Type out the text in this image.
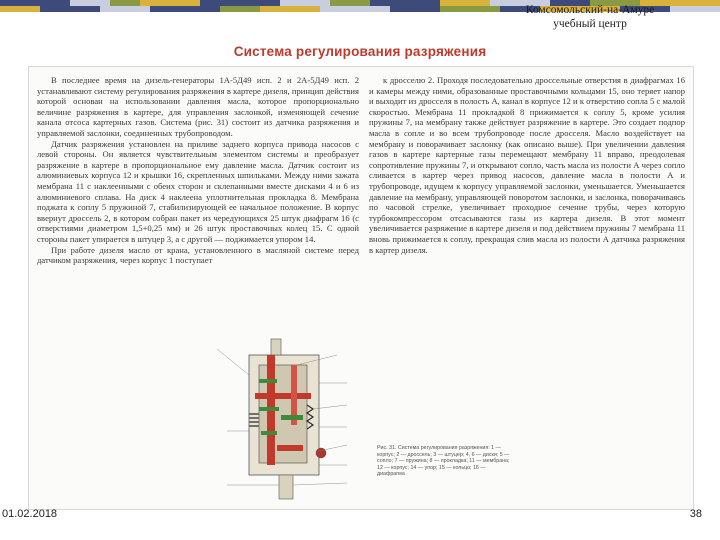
Комсомольский-на-Амуре
учебный центр
Система регулирования разряжения

В последнее время на дизель-генераторы 1А-5Д49 исп. 2 и 2А-5Д49 исп. 2 устанавливают систему регулирования разряжения в картере дизеля, принцип действия которой основан на использовании давления масла, которое пропорционально величине разряжения в картере, для управления заслонкой, изменяющей сечение канала отсоса картерных газов. Система (рис. 31) состоит из датчика разряжения и управляемой заслонки, соединенных трубопроводом.

Датчик разряжения установлен на приливе заднего корпуса привода насосов с левой стороны. Он является чувствительным элементом системы и преобразует разряжение в картере в пропорциональное ему давление масла. Датчик состоит из алюминиевых корпуса 12 и крышки 16, скрепленных шпильками. Между ними зажата мембрана 11 с наклеенными с обеих сторон и склепанными вместе дисками 4 и 6 из алюминиевого сплава. На диск 4 наклеена уплотнительная прокладка 8. Мембрана поджата к соплу 5 пружиной 7, стабилизирующей ее начальное положение. В корпус ввернут дроссель 2, в котором собран пакет из чередующихся 25 штук диафрагм 16 (с отверстиями диаметром 1,5+0,25 мм) и 26 штук проставочных колец 15. С одной стороны пакет упирается в штуцер 3, а с другой — поджимается упором 14.

При работе дизеля масло от крана, установленного в масляной системе перед датчиком разряжения, через корпус 1 поступает

к дросселю 2. Проходя последовательно дроссельные отверстия в диафрагмах 16 и камеры между ними, образованные проставочными кольцами 15, оно теряет напор и выходит из дросселя в полость А, канал в корпусе 12 и к отверстию сопла 5 с малой скоростью. Мембрана 11 прокладкой 8 прижимается к соплу 5, кроме усилия пружины 7, на мембрану также действует разряжение в картере. Это создает подпор масла в сопле и во всем трубопроводе после дросселя. Масло воздействует на мембрану и поворачивает заслонку (как описано выше). При увеличении давления газов в картере картерные газы перемещают мембрану 11 вправо, преодолевая сопротивление пружины 7, и открывают сопло, часть масла из полости А через сопло сливается в картер через привод насосов, давление масла в полости А и трубопроводе, идущем к корпусу управляемой заслонки, уменьшается. Уменьшается давление на мембрану, управляющей поворотом заслонки, и заслонка, поворачиваясь по часовой стрелке, увеличивает проходное сечение трубы, через которую турбокомпрессором отсасываются газы из картера дизеля. В этот момент увеличивается разряжение в картере дизеля и под действием пружины 7 мембрана 11 вновь прижимается к соплу, прекращая слив масла из полости А датчика разряжения в картер дизеля.

Рис. 31. Система регулирования разряжения: 1 — корпус; 2 — дроссель; 3 — штуцер; 4, 6 — диски; 5 — сопло; 7 — пружина; 8 — прокладка; 11 — мембрана; 12 — корпус; 14 — упор; 15 — кольцо; 16 — диафрагма
01.02.2018	38
